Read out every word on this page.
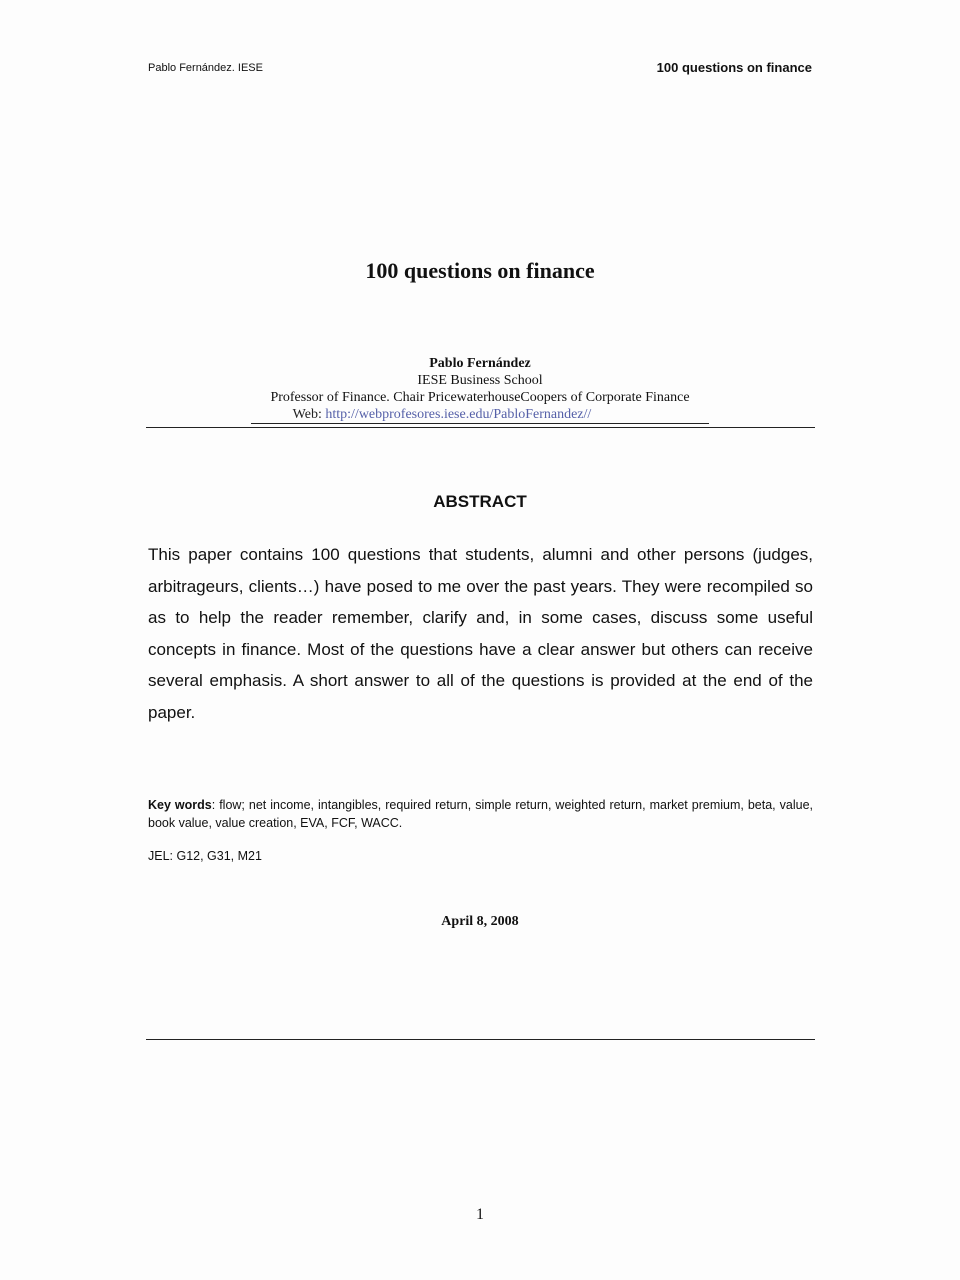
Pablo Fernández. IESE	100 questions on finance
100 questions on finance
Pablo Fernández
IESE Business School
Professor of Finance. Chair PricewaterhouseCoopers of Corporate Finance
Web: http://webprofesores.iese.edu/PabloFernandez//
ABSTRACT

This paper contains 100 questions that students, alumni and other persons (judges, arbitrageurs, clients…) have posed to me over the past years. They were recompiled so as to help the reader remember, clarify and, in some cases, discuss some useful concepts in finance. Most of the questions have a clear answer but others can receive several emphasis. A short answer to all of the questions is provided at the end of the paper.

Key words: flow; net income, intangibles, required return, simple return, weighted return, market premium, beta, value, book value, value creation, EVA, FCF, WACC.
JEL: G12, G31, M21
April 8, 2008
1
